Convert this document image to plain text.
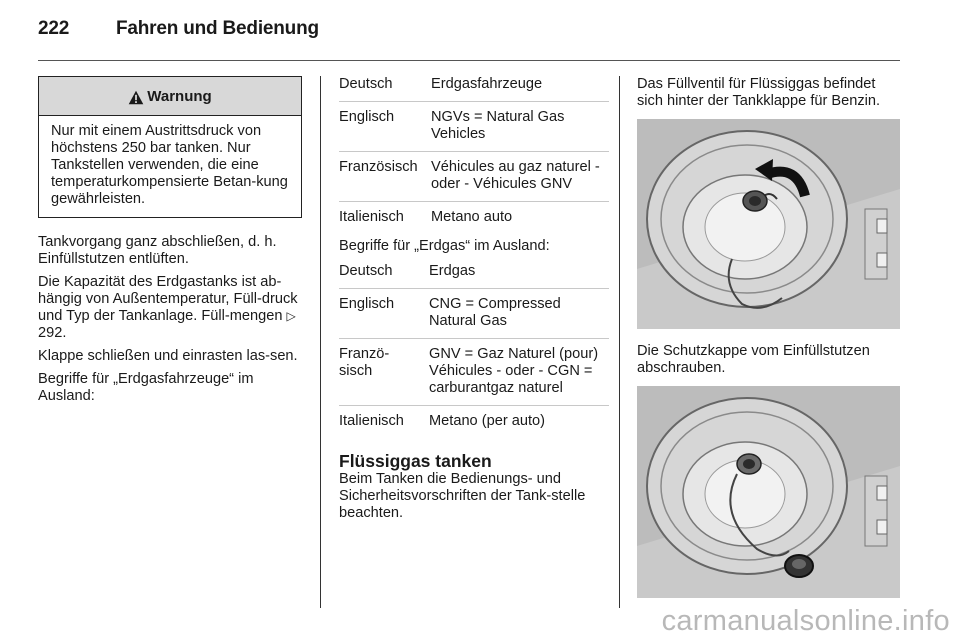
222 Fahren und Bedienung
Warnung
Nur mit einem Austrittsdruck von höchstens 250 bar tanken. Nur Tankstellen verwenden, die eine temperaturkompensierte Betan-kung gewährleisten.
Tankvorgang ganz abschließen, d. h. Einfüllstutzen entlüften.
Die Kapazität des Erdgastanks ist ab-hängig von Außentemperatur, Füll-druck und Typ der Tankanlage. Füll-mengen ▷ 292.
Klappe schließen und einrasten las-sen.
Begriffe für „Erdgasfahrzeuge“ im Ausland:
Deutsch	Erdgasfahrzeuge

Englisch	NGVs = Natural Gas Vehicles

Französisch	Véhicules au gaz naturel - oder - Véhicules GNV

Italienisch	Metano auto
Begriffe für „Erdgas“ im Ausland:
Deutsch	Erdgas

Englisch	CNG = Compressed Natural Gas

Franzö-sisch	GNV = Gaz Naturel (pour) Véhicules - oder - CGN = carburantgaz naturel

Italienisch	Metano (per auto)
Flüssiggas tanken
Beim Tanken die Bedienungs- und Sicherheitsvorschriften der Tank-stelle beachten.
Das Füllventil für Flüssiggas befindet sich hinter der Tankklappe für Benzin.
Die Schutzkappe vom Einfüllstutzen abschrauben.
carmanualsonline.info
